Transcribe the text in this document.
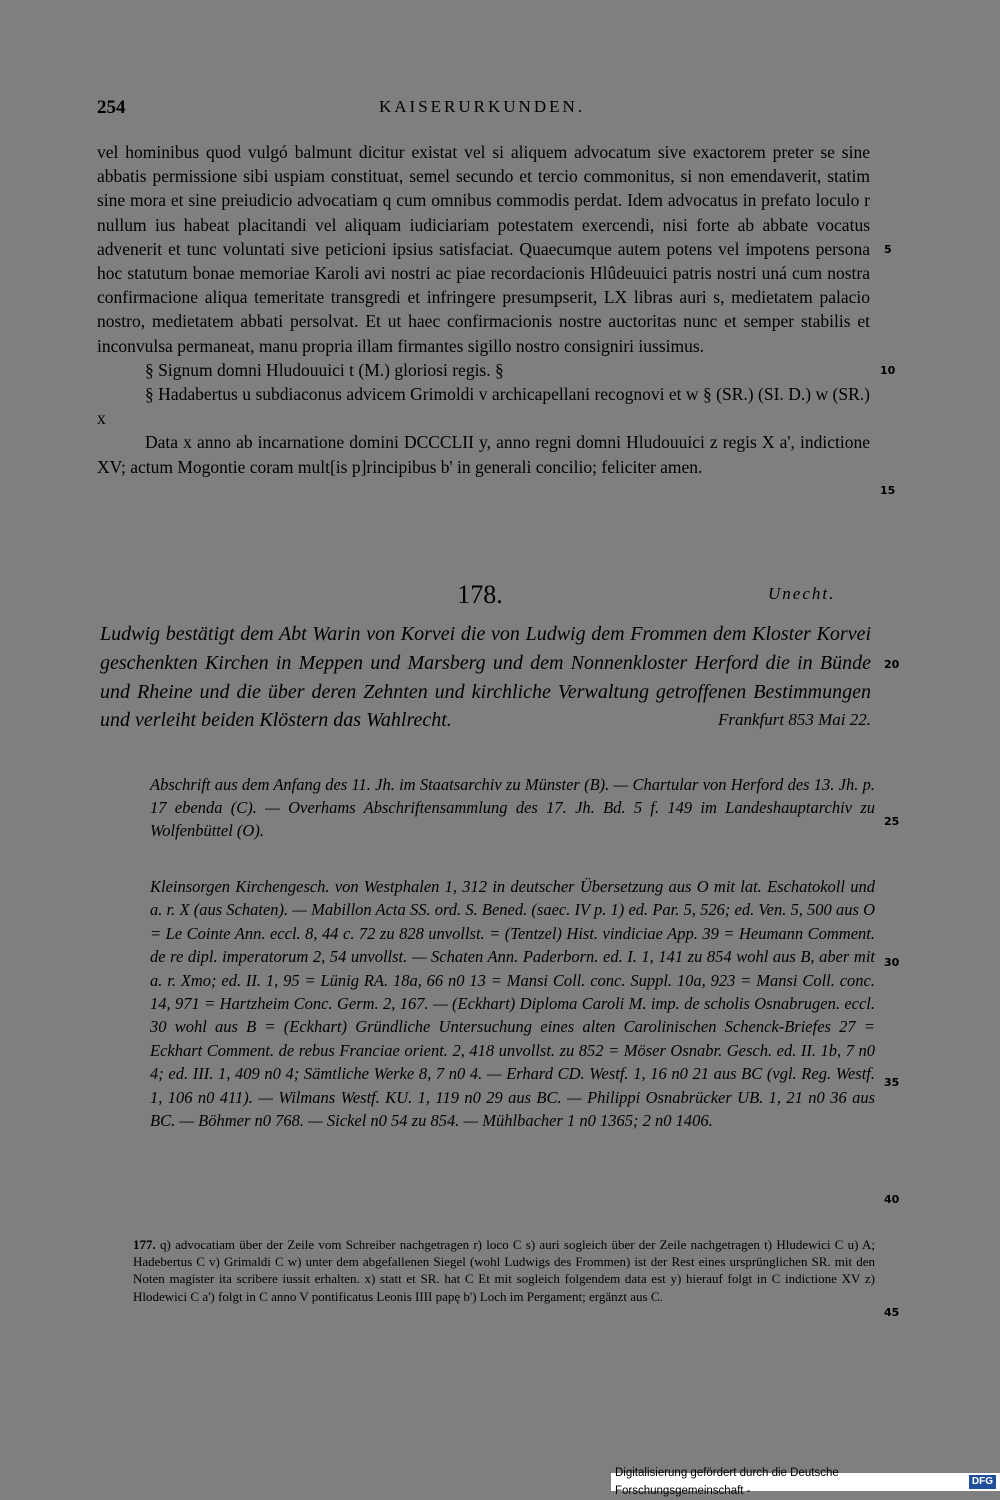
254	KAISERURKUNDEN.

vel hominibus quod vulgó balmunt dicitur existat vel si aliquem advocatum sive exactorem preter se sine abbatis permissione sibi uspiam constituat, semel secundo et tercio commonitus, si non emendaverit, statim sine mora et sine preiudicio advocatiam q cum omnibus commodis perdat. Idem advocatus in prefato loculo r nullum ius habeat placitandi vel aliquam iudiciariam potestatem exercendi, nisi forte ab abbate vocatus advenerit et tunc voluntati sive peticioni ipsius satisfaciat. Quaecumque autem potens vel impotens persona hoc statutum bonae memoriae Karoli avi nostri ac piae recordacionis Hlûdeuuici patris nostri uná cum nostra confirmacione aliqua temeritate transgredi et infringere presumpserit, LX libras auri s, medietatem palacio nostro, medietatem abbati persolvat. Et ut haec confirmacionis nostre auctoritas nunc et semper stabilis et inconvulsa permaneat, manu propria illam firmantes sigillo nostro consigniri iussimus.

§ Signum domni Hludouuici t (M.) gloriosi regis. §

§ Hadabertus u subdiaconus advicem Grimoldi v archicapellani recognovi et w § (SR.) (SI. D.) w (SR.) x

Data x anno ab incarnatione domini DCCCLII y, anno regni domni Hludouuici z regis X a', indictione XV; actum Mogontie coram mult[is p]rincipibus b' in generali concilio; feliciter amen.

5
10
15
20
25
30
35
40
45
178.	Unecht.

Ludwig bestätigt dem Abt Warin von Korvei die von Ludwig dem Frommen dem Kloster Korvei geschenkten Kirchen in Meppen und Marsberg und dem Nonnenkloster Herford die in Bünde und Rheine und die über deren Zehnten und kirchliche Verwaltung getroffenen Bestimmungen und verleiht beiden Klöstern das Wahlrecht.	Frankfurt 853 Mai 22.

Abschrift aus dem Anfang des 11. Jh. im Staatsarchiv zu Münster (B). — Chartular von Herford des 13. Jh. p. 17 ebenda (C). — Overhams Abschriftensammlung des 17. Jh. Bd. 5 f. 149 im Landeshauptarchiv zu Wolfenbüttel (O).

Kleinsorgen Kirchengesch. von Westphalen 1, 312 in deutscher Übersetzung aus O mit lat. Eschatokoll und a. r. X (aus Schaten). — Mabillon Acta SS. ord. S. Bened. (saec. IV p. 1) ed. Par. 5, 526; ed. Ven. 5, 500 aus O = Le Cointe Ann. eccl. 8, 44 c. 72 zu 828 unvollst. = (Tentzel) Hist. vindiciae App. 39 = Heumann Comment. de re dipl. imperatorum 2, 54 unvollst. — Schaten Ann. Paderborn. ed. I. 1, 141 zu 854 wohl aus B, aber mit a. r. Xmo; ed. II. 1, 95 = Lünig RA. 18a, 66 n0 13 = Mansi Coll. conc. Suppl. 10a, 923 = Mansi Coll. conc. 14, 971 = Hartzheim Conc. Germ. 2, 167. — (Eckhart) Diploma Caroli M. imp. de scholis Osnabrugen. eccl. 30 wohl aus B = (Eckhart) Gründliche Untersuchung eines alten Carolinischen Schenck-Briefes 27 = Eckhart Comment. de rebus Franciae orient. 2, 418 unvollst. zu 852 = Möser Osnabr. Gesch. ed. II. 1b, 7 n0 4; ed. III. 1, 409 n0 4; Sämtliche Werke 8, 7 n0 4. — Erhard CD. Westf. 1, 16 n0 21 aus BC (vgl. Reg. Westf. 1, 106 n0 411). — Wilmans Westf. KU. 1, 119 n0 29 aus BC. — Philippi Osnabrücker UB. 1, 21 n0 36 aus BC. — Böhmer n0 768. — Sickel n0 54 zu 854. — Mühlbacher 1 n0 1365; 2 n0 1406.

177. q) advocatiam über der Zeile vom Schreiber nachgetragen r) loco C s) auri sogleich über der Zeile nachgetragen t) Hludewici C u) A; Hadebertus C v) Grimaldi C w) unter dem abgefallenen Siegel (wohl Ludwigs des Frommen) ist der Rest eines ursprünglichen SR. mit den Noten magister ita scribere iussit erhalten. x) statt et SR. hat C Et mit sogleich folgendem data est y) hierauf folgt in C indictione XV z) Hlodewici C a') folgt in C anno V pontificatus Leonis IIII papę b') Loch im Pergament; ergänzt aus C.

Digitalisierung gefördert durch die Deutsche Forschungsgemeinschaft -
DFG
